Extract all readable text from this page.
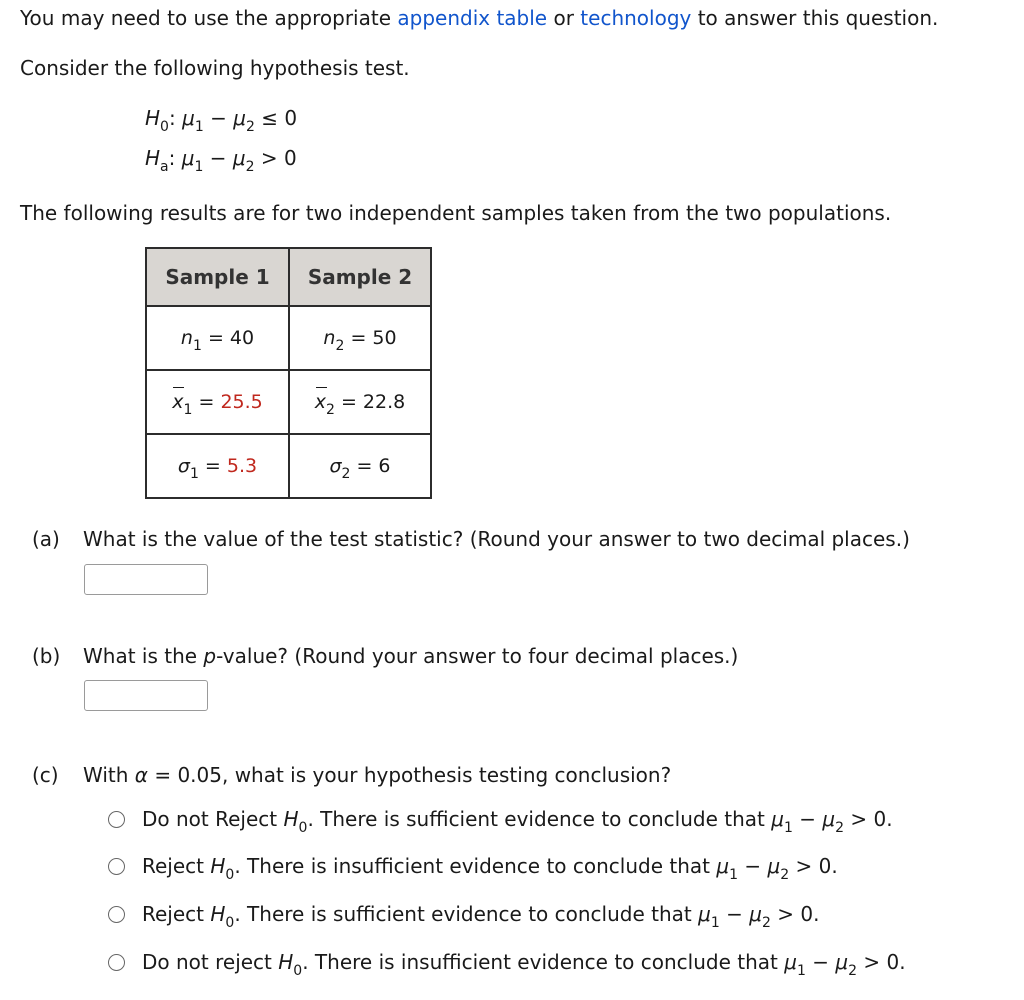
You may need to use the appropriate appendix table or technology to answer this question.
Consider the following hypothesis test.
$H_0$: $\mu_1 - \mu_2 \le 0$
$H_a$: $\mu_1 - \mu_2 > 0$
The following results are for two independent samples taken from the two populations.
Sample 1	Sample 2
$n_1 = 40$	$n_2 = 50$
$x_1 = 25.5$	$x_2 = 22.8$
$\sigma_1 = 5.3$	$\sigma_2 = 6$
(a) What is the value of the test statistic? (Round your answer to two decimal places.)
(b) What is the p-value? (Round your answer to four decimal places.)
(c) With α = 0.05, what is your hypothesis testing conclusion?
Do not Reject $H_0$. There is sufficient evidence to conclude that $\mu_1 - \mu_2 > 0$.
Reject $H_0$. There is insufficient evidence to conclude that $\mu_1 - \mu_2 > 0$.
Reject $H_0$. There is sufficient evidence to conclude that $\mu_1 - \mu_2 > 0$.
Do not reject $H_0$. There is insufficient evidence to conclude that $\mu_1 - \mu_2 > 0$.
